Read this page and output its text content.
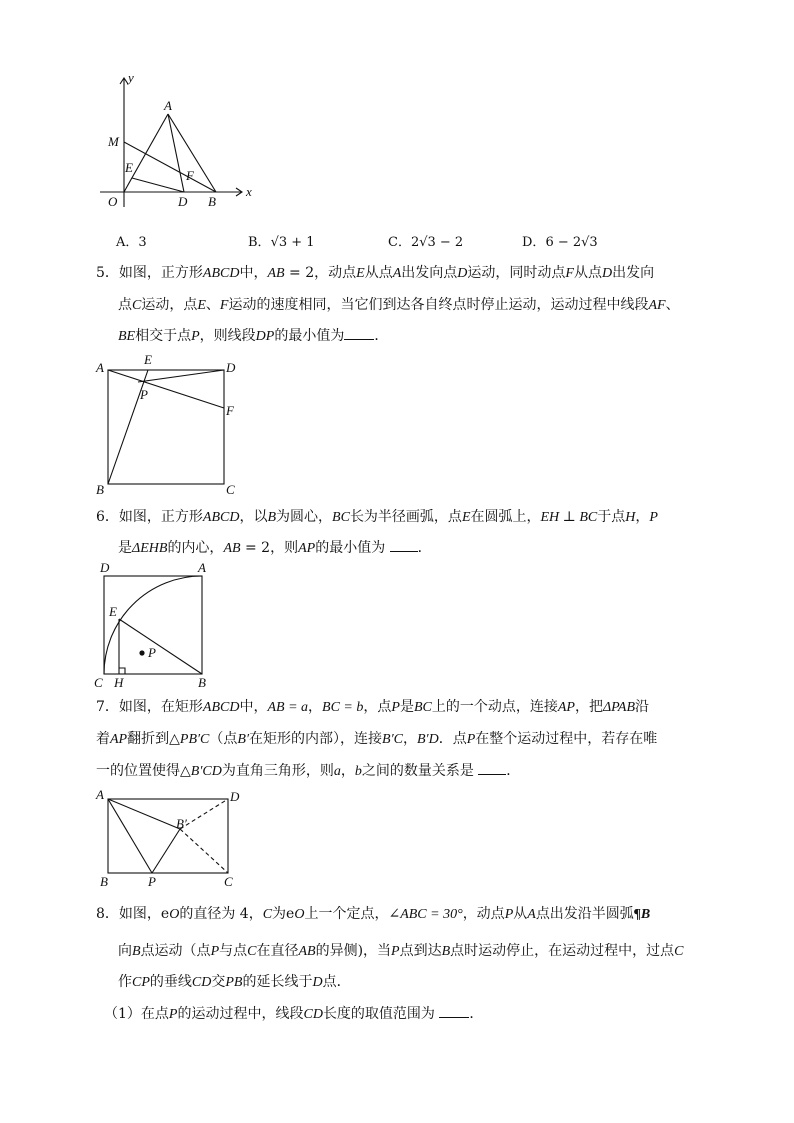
x
y
O
M
A
E
F
D B
A．3	B．√3 + 1	C．2√3 − 2	D．6 − 2√3
5．如图，正方形ABCD中，AB = 2，动点E从点A出发向点D运动，同时动点F从点D出发向
点C运动，点E、F运动的速度相同，当它们到达各自终点时停止运动，运动过程中线段AF、
BE相交于点P，则线段DP的最小值为 ．
A
E
D
P
F
B	C
6．如图，正方形ABCD，以B为圆心，BC长为半径画弧，点E在圆弧上，EH ⊥ BC于点H，P
是ΔEHB的内心，AB = 2，则AP的最小值为 ．
D	A
E
P
C H	B
7．如图，在矩形ABCD中，AB = a，BC = b，点P是BC上的一个动点，连接AP，把ΔPAB沿
着AP翻折到△PB′C（点B′在矩形的内部），连接B′C，B′D．点P在整个运动过程中，若存在唯
一的位置使得△B′CD为直角三角形，则a，b之间的数量关系是 ．
A	D
B′
B	P	C
8．如图，eO的直径为 4，C为eO上一个定点，∠ABC = 30°，动点P从A点出发沿半圆弧¶B
向B点运动（点P与点C在直径AB的异侧)，当P点到达B点时运动停止，在运动过程中，过点C
作CP的垂线CD交PB的延长线于D点．
（1）在点P的运动过程中，线段CD长度的取值范围为 ．
